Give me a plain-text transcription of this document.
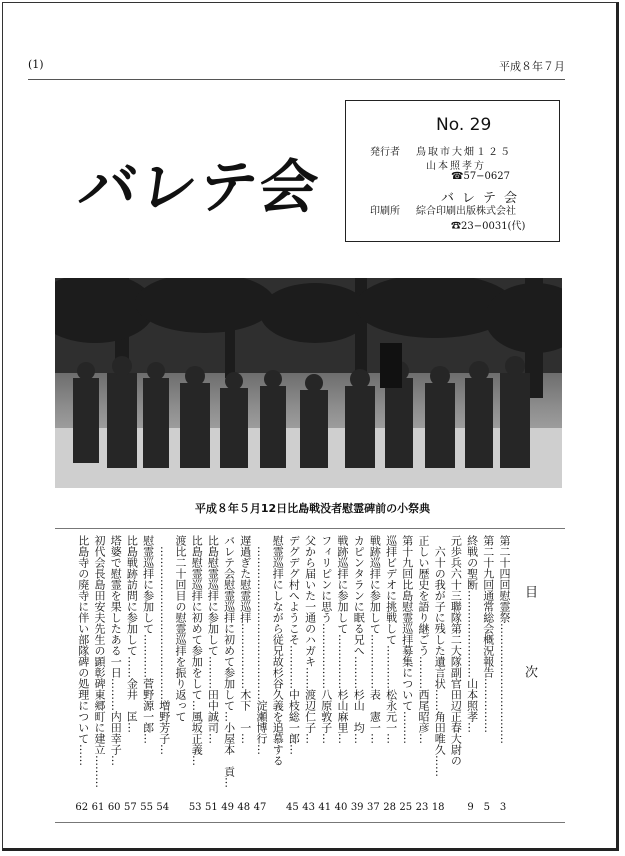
(1)	平成８年７月
バレテ会
No. 29
発行者 鳥取市大畑１２５
山本照孝方
☎57−0627
バレテ会
印刷所 綜合印刷出版株式会社
☎23−0031(代)
平成８年５月12日比島戦没者慰霊碑前の小祭典
目
次
第二十四回慰霊祭……………………………
3
第二十九回通常総会概況報告……………
5
終戦の聖断……………………山本照孝…
9
元歩兵六十三聯隊第二大隊副官田辺正春大尉の
　六十の我が子に残した遺言状……角田唯久……
18
正しい歴史を語り継ごう………西尾昭彦…
23
第十九回比島慰霊巡拝募集について………
25
巡拝ビデオに挑戦して…………松永元一…
28
戦跡巡拝に参加して……………表　憲一…
37
カピンタランに眠る兄へ………杉山　均…
39
戦跡巡拝に参加して……………杉山麻里…
40
フィリピンに思う………………八原敦子…
41
父から届いた一通のハガキ……渡辺仁子…
43
デグデグ村へようこそ…………中枝総一郎…
45
慰霊巡拝にしながら従兄故杉谷久義を追慕する
　……………………………………淀瀬博行…
47
遅過ぎた慰霊巡拝………………木下　一…
48
バレテ会慰霊巡拝に初めて参加して…小屋本　貢…
49
比島慰霊巡拝に参加して………田中誠司…
51
比島慰霊巡拝に初めて参加をして…風坂正義…
53
渡比二十回目の慰霊巡拝を振り返って
　……………………………………増野芳子…
54
慰霊巡拝に参加して…………菅野源一郎…
55
比島戦跡訪問に参加して……金井　匡…
57
塔婆で慰霊を果したある一日………内田幸子…
60
初代会長島田安夫先生の顕彰碑東郷町に建立………
61
比島寺の廃寺に伴い部隊碑の処理について……
62
